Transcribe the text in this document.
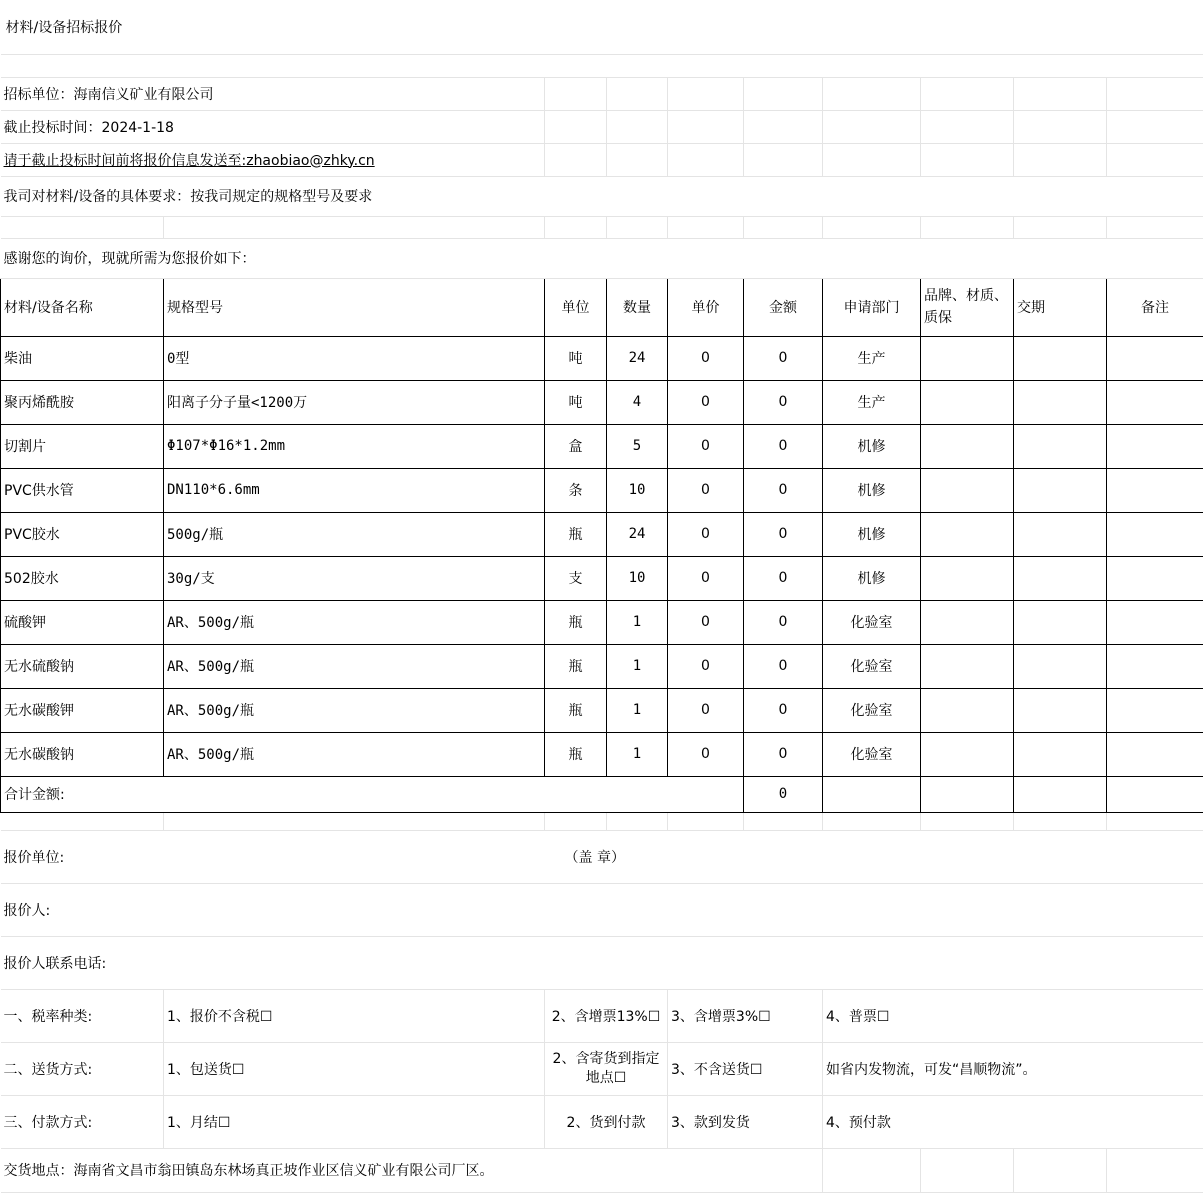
材料/设备招标报价									

招标单位：海南信义矿业有限公司									
截止投标时间：2024-1-18									
请于截止投标时间前将报价信息发送至:zhaobiao@zhky.cn									
我司对材料/设备的具体要求：按我司规定的规格型号及要求									

感谢您的询价，现就所需为您报价如下：									
材料/设备名称	规格型号	单位	数量	单价	金额	申请部门	品牌、材质、质保	交期	备注
柴油	0型	吨	24	0	0	生产			
聚丙烯酰胺	阳离子分子量<1200万	吨	4	0	0	生产			
切割片	Φ107*Φ16*1.2mm	盒	5	0	0	机修			
PVC供水管	DN110*6.6mm	条	10	0	0	机修			
PVC胶水	500g/瓶	瓶	24	0	0	机修			
502胶水	30g/支	支	10	0	0	机修			
硫酸钾	AR、500g/瓶	瓶	1	0	0	化验室			
无水硫酸钠	AR、500g/瓶	瓶	1	0	0	化验室			
无水碳酸钾	AR、500g/瓶	瓶	1	0	0	化验室			
无水碳酸钠	AR、500g/瓶	瓶	1	0	0	化验室			
合计金额:					0				

报价单位:		（盖 章）							
报价人:									
报价人联系电话:									
一、税率种类:	1、报价不含税☐	2、含增票13%☐		3、含增票3%☐		4、普票☐			
二、送货方式:	1、包送货☐	2、含寄货到指定地点☐		3、不含送货☐		如省内发物流，可发“昌顺物流”。			
三、付款方式:	1、月结☐	2、货到付款		3、款到发货		4、预付款			
交货地点：海南省文昌市翁田镇岛东林场真正坡作业区信义矿业有限公司厂区。									
